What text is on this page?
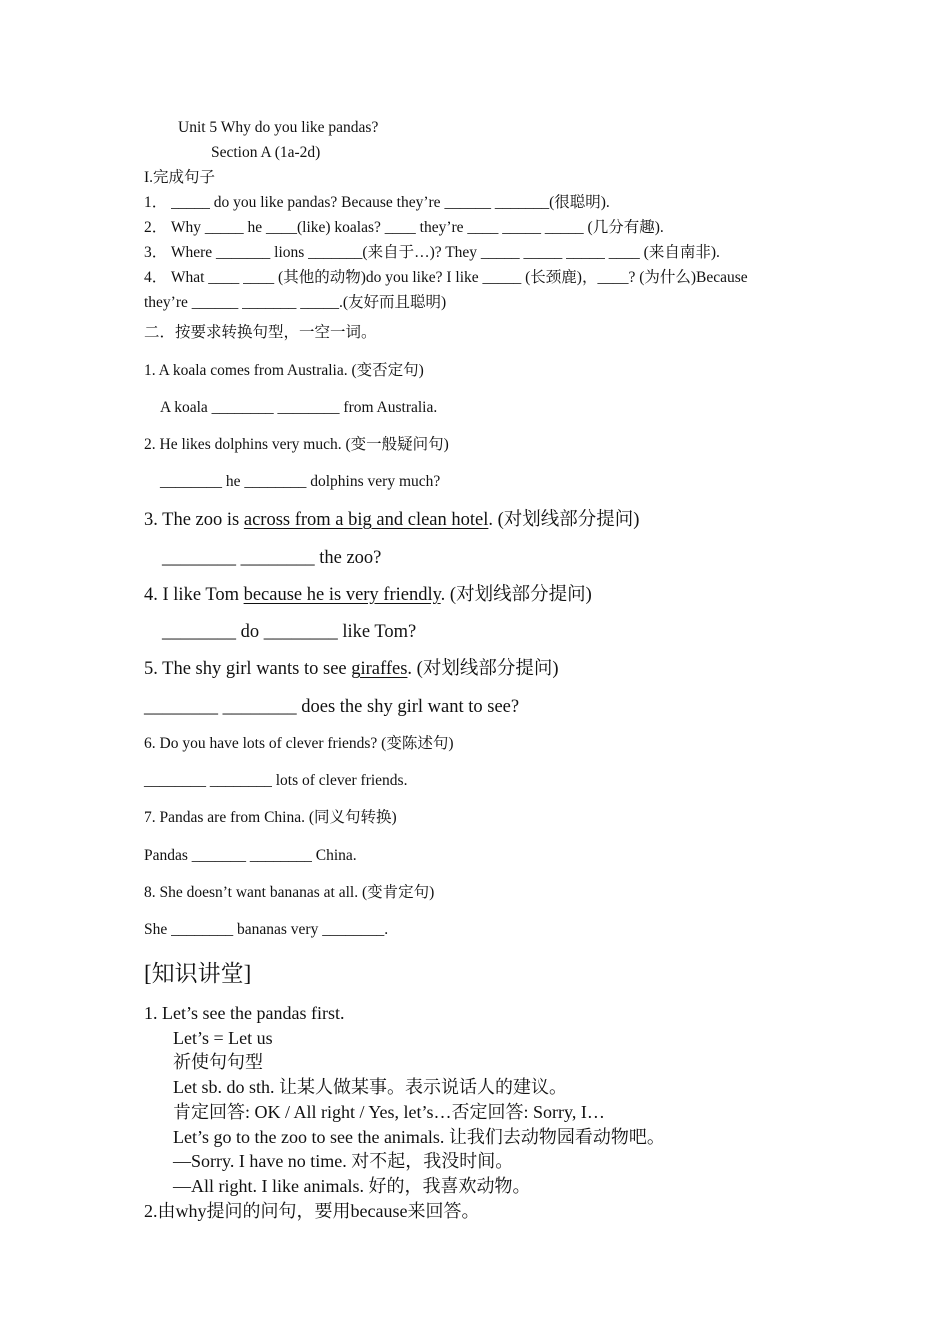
Unit 5 Why do you like pandas?
Section A (1a-2d)
I.完成句子
1． _____ do you like pandas? Because they’re ______ _______(很聪明).
2． Why _____ he ____(like) koalas? ____ they’re ____ _____ _____ (几分有趣).
3． Where _______ lions _______(来自于…)? They _____ _____ _____ ____ (来自南非).
4． What ____ ____ (其他的动物)do you like? I like _____ (长颈鹿)，____? (为什么)Because
they’re ______ _______ _____.(友好而且聪明)
二．按要求转换句型，一空一词。
1. A koala comes from Australia. (变否定句)
A koala ________ ________ from Australia.
2. He likes dolphins very much. (变一般疑问句)
________ he ________ dolphins very much?
3. The zoo is across from a big and clean hotel. (对划线部分提问)
________ ________ the zoo?
4. I like Tom because he is very friendly. (对划线部分提问)
________ do ________ like Tom?
5. The shy girl wants to see giraffes. (对划线部分提问)
________ ________ does the shy girl want to see?
6. Do you have lots of clever friends? (变陈述句)
________ ________ lots of clever friends.
7. Pandas are from China. (同义句转换)
Pandas _______ ________ China.
8. She doesn’t want bananas at all. (变肯定句)
She ________ bananas very ________.
[知识讲堂]
1. Let’s see the pandas first.
Let’s = Let us
祈使句句型
Let sb. do sth. 让某人做某事。表示说话人的建议。
肯定回答: OK / All right / Yes, let’s…否定回答: Sorry, I…
Let’s go to the zoo to see the animals. 让我们去动物园看动物吧。
—Sorry. I have no time. 对不起，我没时间。
—All right. I like animals. 好的，我喜欢动物。
2.由why提问的问句，要用because来回答。
